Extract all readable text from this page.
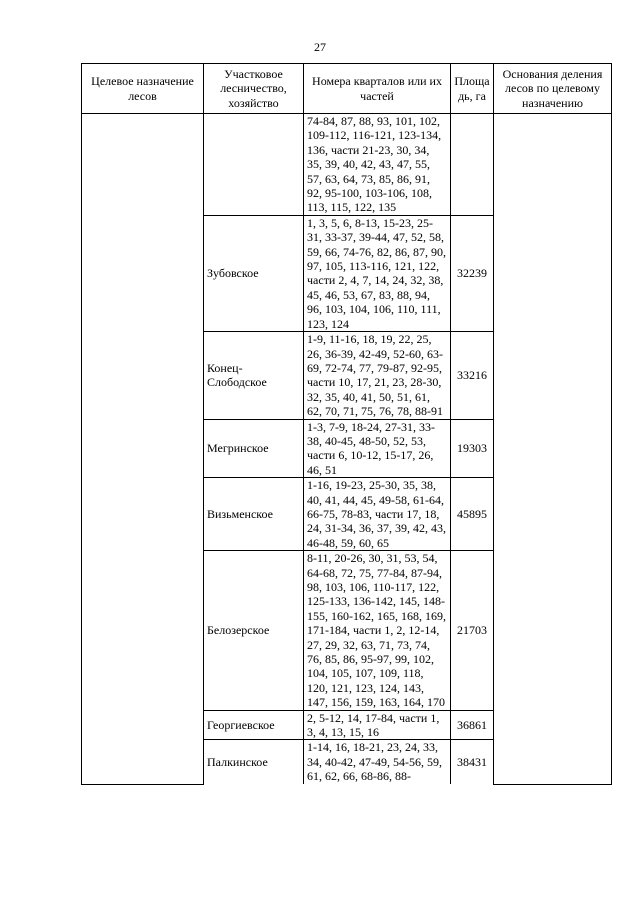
27
Целевое назначение лесов	Участковое лесничество, хозяйство	Номера кварталов или их частей	Площа дь, га	Основания деления лесов по целевому назначению
		74-84, 87, 88, 93, 101, 102, 109-112, 116-121, 123-134, 136, части 21-23, 30, 34, 35, 39, 40, 42, 43, 47, 55, 57, 63, 64, 73, 85, 86, 91, 92, 95-100, 103-106, 108, 113, 115, 122, 135		
	Зубовское	1, 3, 5, 6, 8-13, 15-23, 25-31, 33-37, 39-44, 47, 52, 58, 59, 66, 74-76, 82, 86, 87, 90, 97, 105, 113-116, 121, 122, части 2, 4, 7, 14, 24, 32, 38, 45, 46, 53, 67, 83, 88, 94, 96, 103, 104, 106, 110, 111, 123, 124	32239	
	Конец-Слободское	1-9, 11-16, 18, 19, 22, 25, 26, 36-39, 42-49, 52-60, 63-69, 72-74, 77, 79-87, 92-95, части 10, 17, 21, 23, 28-30, 32, 35, 40, 41, 50, 51, 61, 62, 70, 71, 75, 76, 78, 88-91	33216	
	Мегринское	1-3, 7-9, 18-24, 27-31, 33-38, 40-45, 48-50, 52, 53, части 6, 10-12, 15-17, 26, 46, 51	19303	
	Визьменское	1-16, 19-23, 25-30, 35, 38, 40, 41, 44, 45, 49-58, 61-64, 66-75, 78-83, части 17, 18, 24, 31-34, 36, 37, 39, 42, 43, 46-48, 59, 60, 65	45895	
	Белозерское	8-11, 20-26, 30, 31, 53, 54, 64-68, 72, 75, 77-84, 87-94, 98, 103, 106, 110-117, 122, 125-133, 136-142, 145, 148-155, 160-162, 165, 168, 169, 171-184, части 1, 2, 12-14, 27, 29, 32, 63, 71, 73, 74, 76, 85, 86, 95-97, 99, 102, 104, 105, 107, 109, 118, 120, 121, 123, 124, 143, 147, 156, 159, 163, 164, 170	21703	
	Георгиевское	2, 5-12, 14, 17-84, части 1, 3, 4, 13, 15, 16	36861	
	Палкинское	1-14, 16, 18-21, 23, 24, 33, 34, 40-42, 47-49, 54-56, 59, 61, 62, 66, 68-86, 88-	38431	
